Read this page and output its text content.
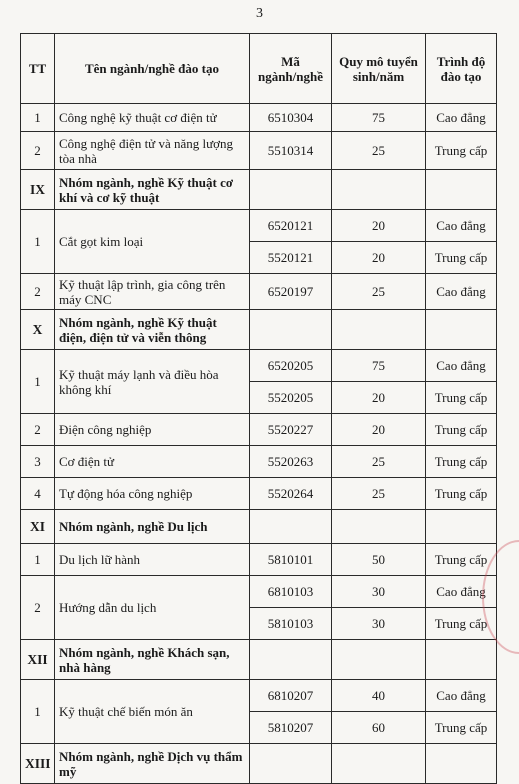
3
TT	Tên ngành/nghề đào tạo	Mã ngành/nghề	Quy mô tuyển sinh/năm	Trình độ đào tạo
1	Công nghệ kỹ thuật cơ điện tử	6510304	75	Cao đẳng
2	Công nghệ điện tử và năng lượng tòa nhà	5510314	25	Trung cấp
IX	Nhóm ngành, nghề Kỹ thuật cơ khí và cơ kỹ thuật			
1	Cắt gọt kim loại	6520121	20	Cao đẳng
		5520121	20	Trung cấp
2	Kỹ thuật lập trình, gia công trên máy CNC	6520197	25	Cao đẳng
X	Nhóm ngành, nghề Kỹ thuật điện, điện tử và viễn thông			
1	Kỹ thuật máy lạnh và điều hòa không khí	6520205	75	Cao đẳng
		5520205	20	Trung cấp
2	Điện công nghiệp	5520227	20	Trung cấp
3	Cơ điện tử	5520263	25	Trung cấp
4	Tự động hóa công nghiệp	5520264	25	Trung cấp
XI	Nhóm ngành, nghề Du lịch			
1	Du lịch lữ hành	5810101	50	Trung cấp
2	Hướng dẫn du lịch	6810103	30	Cao đẳng
		5810103	30	Trung cấp
XII	Nhóm ngành, nghề Khách sạn, nhà hàng			
1	Kỹ thuật chế biến món ăn	6810207	40	Cao đẳng
		5810207	60	Trung cấp
XIII	Nhóm ngành, nghề Dịch vụ thẩm mỹ			
